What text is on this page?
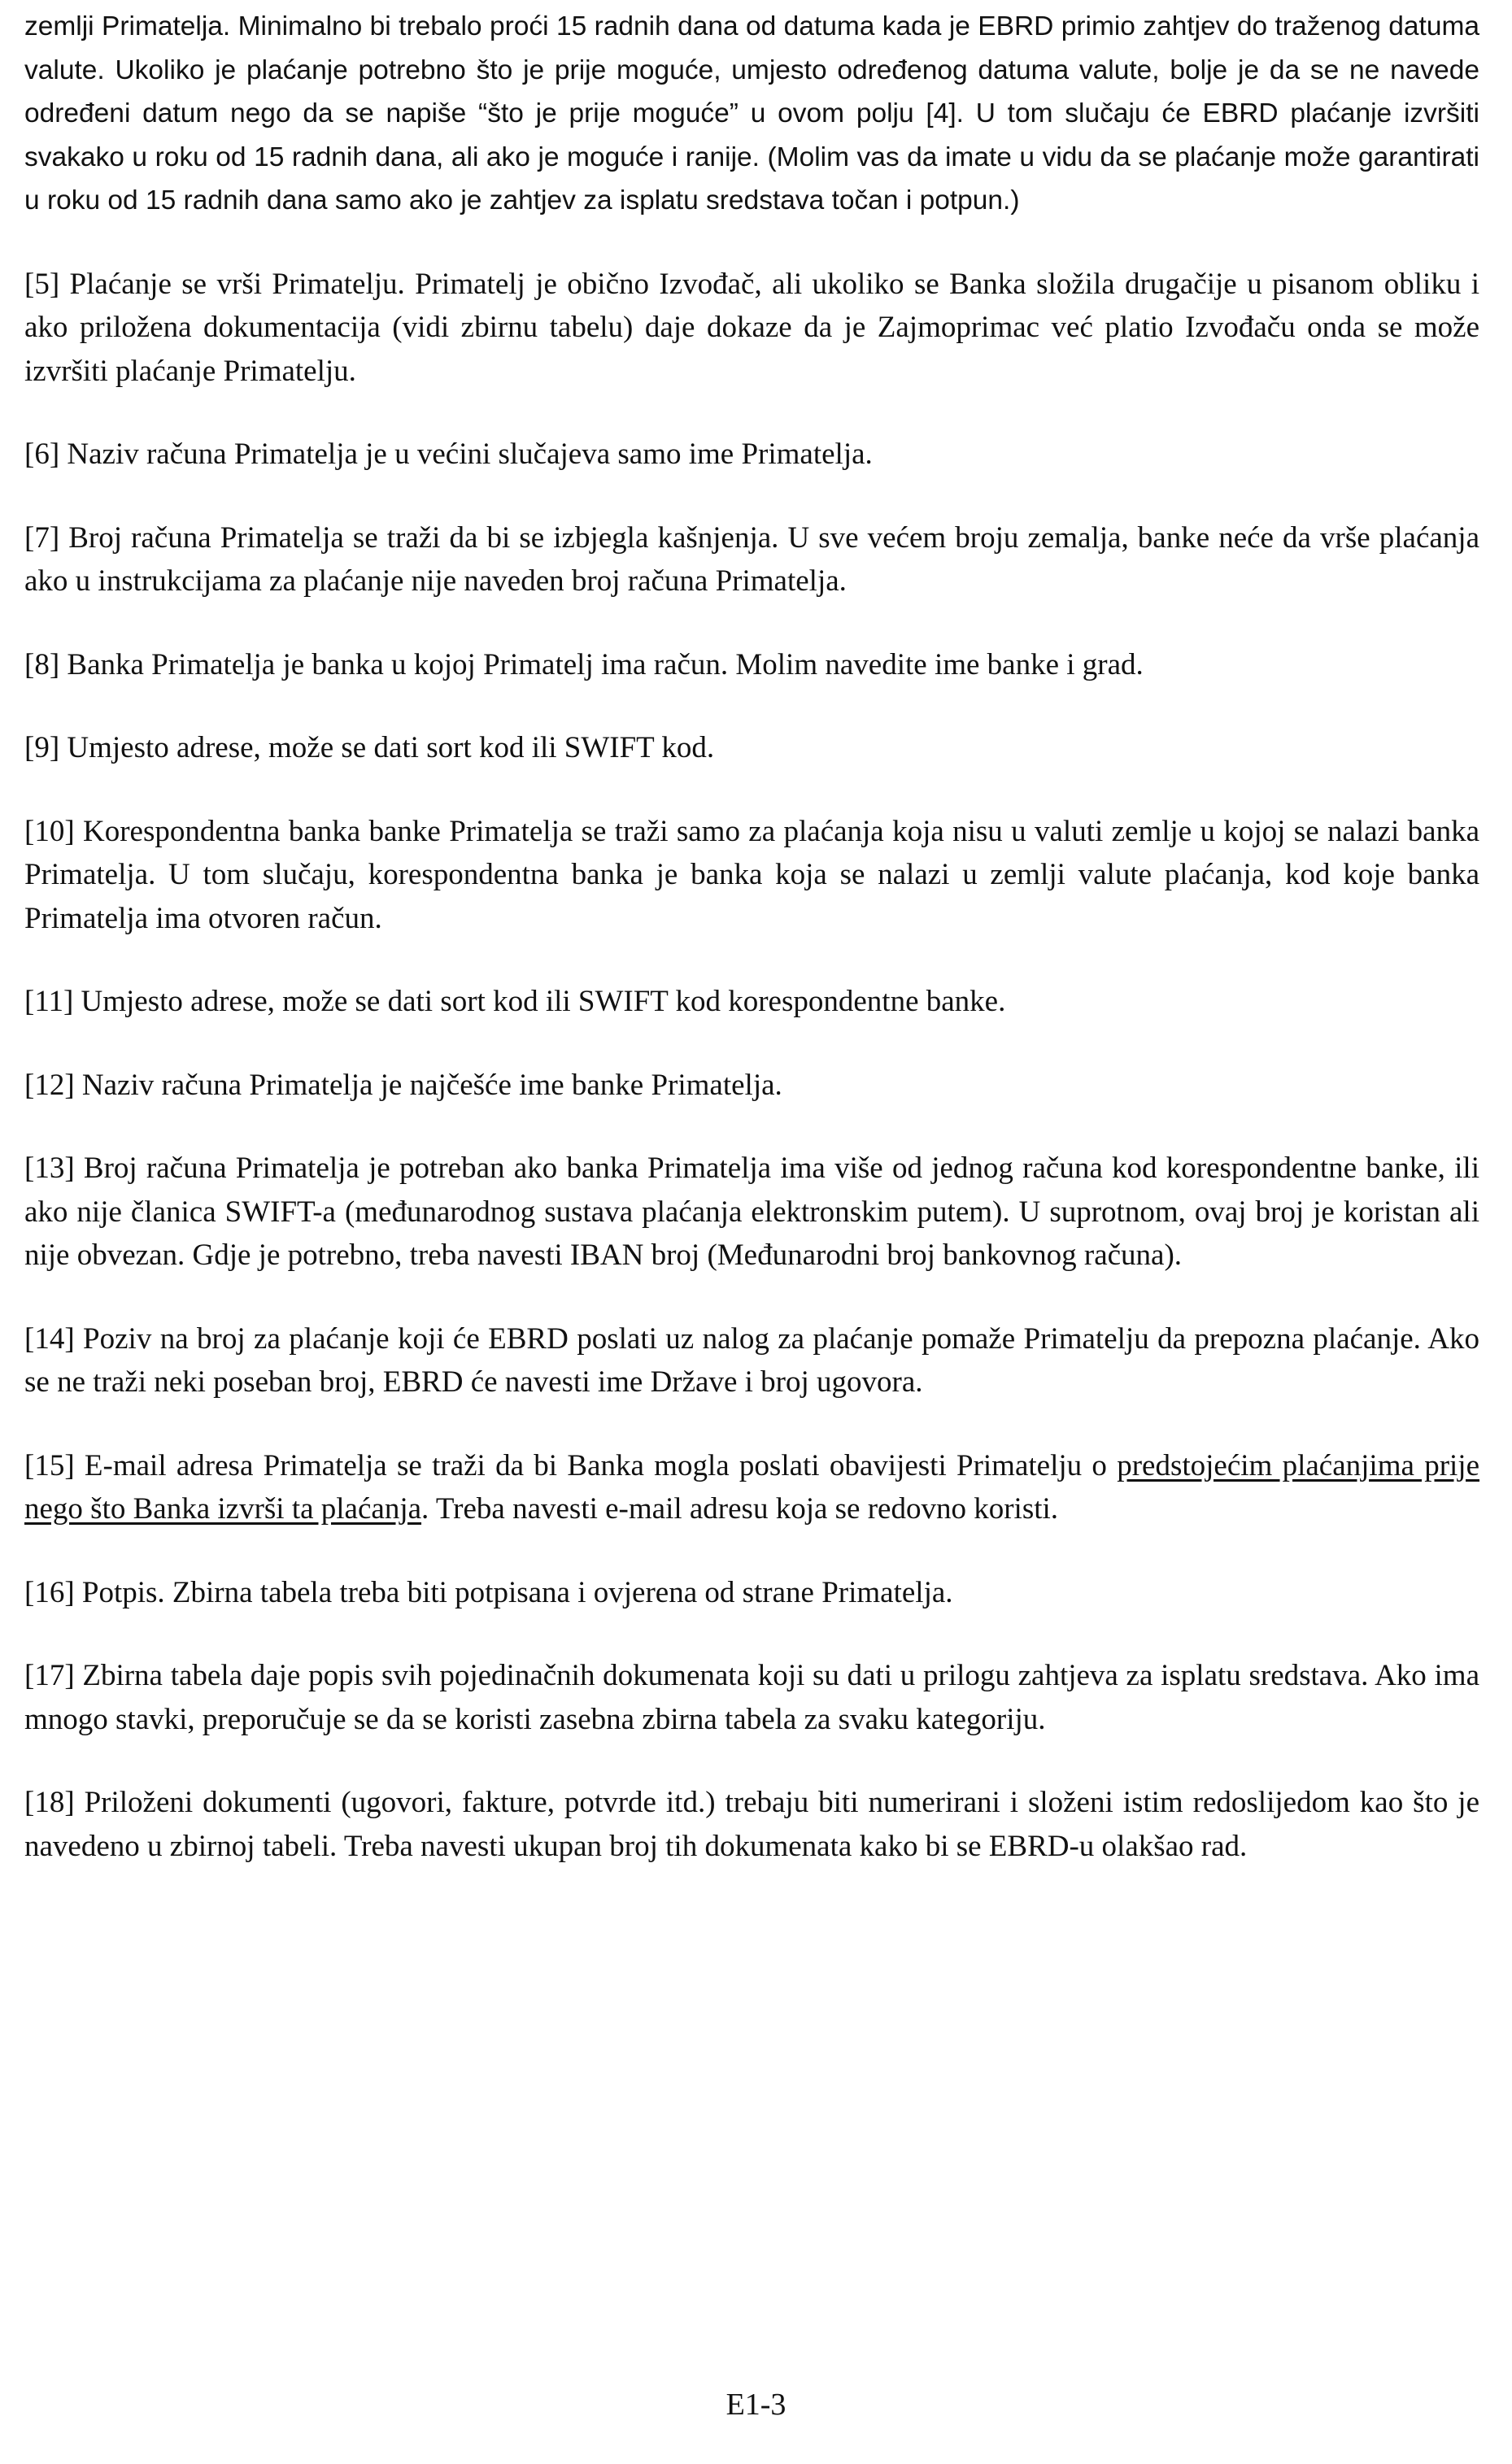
zemlji Primatelja. Minimalno bi trebalo proći 15 radnih dana od datuma kada je EBRD primio zahtjev do traženog datuma valute. Ukoliko je plaćanje potrebno što je prije moguće, umjesto određenog datuma valute, bolje je da se ne navede određeni datum nego da se napiše “što je prije moguće” u ovom polju [4]. U tom slučaju će EBRD plaćanje izvršiti svakako u roku od 15 radnih dana, ali ako je moguće i ranije. (Molim vas da imate u vidu da se plaćanje može garantirati u roku od 15 radnih dana samo ako je zahtjev za isplatu sredstava točan i potpun.)

[5] Plaćanje se vrši Primatelju. Primatelj je obično Izvođač, ali ukoliko se Banka složila drugačije u pisanom obliku i ako priložena dokumentacija (vidi zbirnu tabelu) daje dokaze da je Zajmoprimac već platio Izvođaču onda se može izvršiti plaćanje Primatelju.

[6] Naziv računa Primatelja je u većini slučajeva samo ime Primatelja.

[7] Broj računa Primatelja se traži da bi se izbjegla kašnjenja. U sve većem broju zemalja, banke neće da vrše plaćanja ako u instrukcijama za plaćanje nije naveden broj računa Primatelja.

[8] Banka Primatelja je banka u kojoj Primatelj ima račun. Molim navedite ime banke i grad.

[9] Umjesto adrese, može se dati sort kod ili SWIFT kod.

[10] Korespondentna banka banke Primatelja se traži samo za plaćanja koja nisu u valuti zemlje u kojoj se nalazi banka Primatelja. U tom slučaju, korespondentna banka je banka koja se nalazi u zemlji valute plaćanja, kod koje banka Primatelja ima otvoren račun.

[11] Umjesto adrese, može se dati sort kod ili SWIFT kod korespondentne banke.

[12] Naziv računa Primatelja je najčešće ime banke Primatelja.

[13] Broj računa Primatelja je potreban ako banka Primatelja ima više od jednog računa kod korespondentne banke, ili ako nije članica SWIFT-a (međunarodnog sustava plaćanja elektronskim putem). U suprotnom, ovaj broj je koristan ali nije obvezan. Gdje je potrebno, treba navesti IBAN broj (Međunarodni broj bankovnog računa).

[14] Poziv na broj za plaćanje koji će EBRD poslati uz nalog za plaćanje pomaže Primatelju da prepozna plaćanje. Ako se ne traži neki poseban broj, EBRD će navesti ime Države i broj ugovora.

[15] E-mail adresa Primatelja se traži da bi Banka mogla poslati obavijesti Primatelju o predstojećim plaćanjima prije nego što Banka izvrši ta plaćanja. Treba navesti e-mail adresu koja se redovno koristi.

[16] Potpis. Zbirna tabela treba biti potpisana i ovjerena od strane Primatelja.

[17] Zbirna tabela daje popis svih pojedinačnih dokumenata koji su dati u prilogu zahtjeva za isplatu sredstava. Ako ima mnogo stavki, preporučuje se da se koristi zasebna zbirna tabela za svaku kategoriju.

[18] Priloženi dokumenti (ugovori, fakture, potvrde itd.) trebaju biti numerirani i složeni istim redoslijedom kao što je navedeno u zbirnoj tabeli. Treba navesti ukupan broj tih dokumenata kako bi se EBRD-u olakšao rad.

E1-3
